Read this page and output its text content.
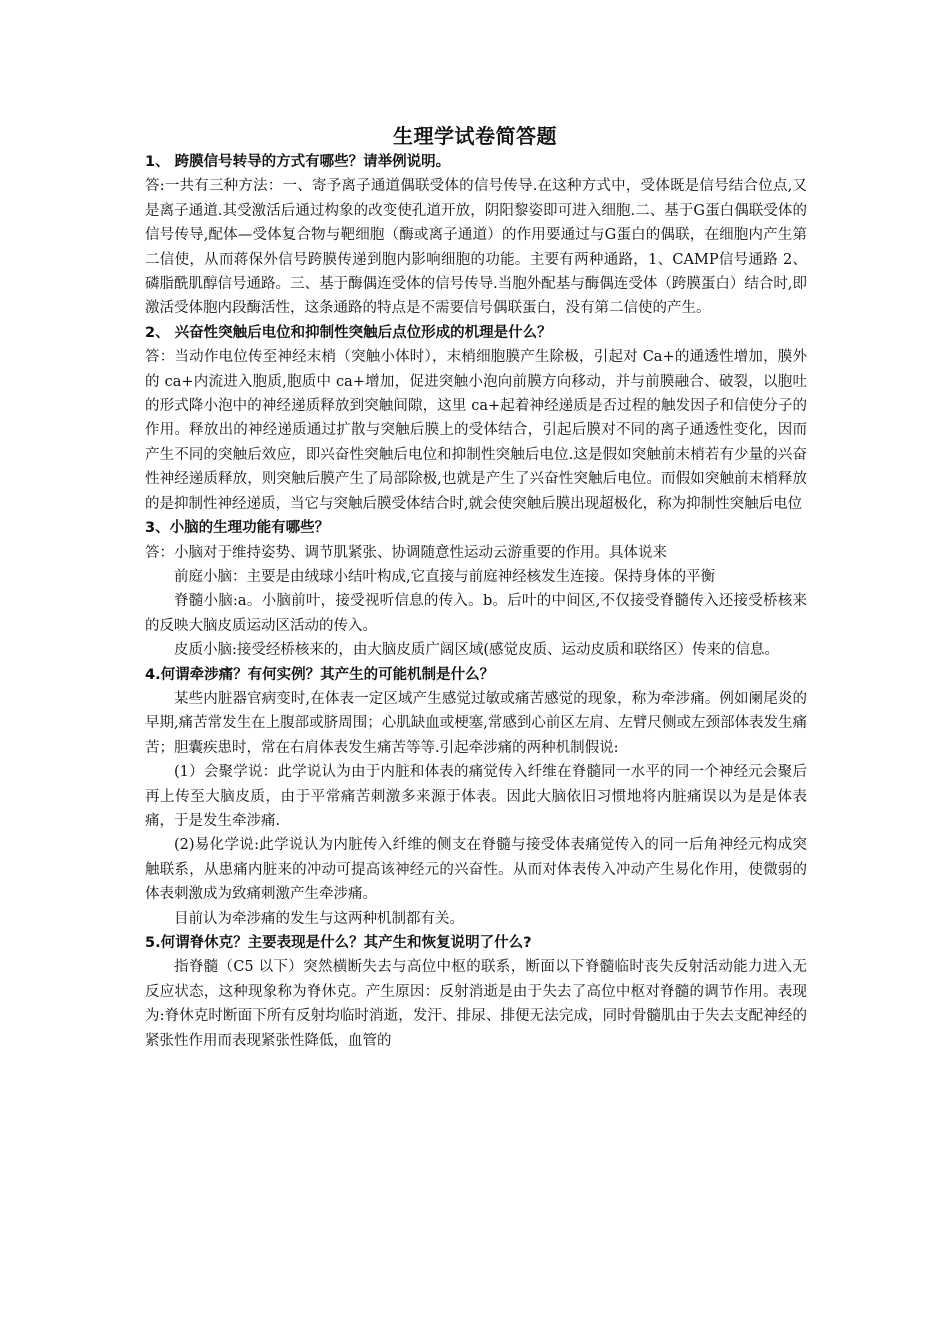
生理学试卷简答题
1、 跨膜信号转导的方式有哪些？请举例说明。
答:一共有三种方法：一、寄予离子通道偶联受体的信号传导.在这种方式中，受体既是信号结合位点,又是离子通道.其受激活后通过构象的改变使孔道开放，阴阳黎姿即可进入细胞.二、基于G蛋白偶联受体的信号传导,配体—受体复合物与靶细胞（酶或离子通道）的作用要通过与G蛋白的偶联，在细胞内产生第二信使，从而蒋保外信号跨膜传递到胞内影响细胞的功能。主要有两种通路，1、CAMP信号通路 2、磷脂酰肌醇信号通路。三、基于酶偶连受体的信号传导.当胞外配基与酶偶连受体（跨膜蛋白）结合时,即激活受体胞内段酶活性，这条通路的特点是不需要信号偶联蛋白，没有第二信使的产生。
2、 兴奋性突触后电位和抑制性突触后点位形成的机理是什么？
答：当动作电位传至神经末梢（突触小体时），末梢细胞膜产生除极，引起对 Ca+的通透性增加，膜外的 ca+内流进入胞质,胞质中 ca+增加，促进突触小泡向前膜方向移动，并与前膜融合、破裂，以胞吐的形式降小泡中的神经递质释放到突触间隙，这里 ca+起着神经递质是否过程的触发因子和信使分子的作用。释放出的神经递质通过扩散与突触后膜上的受体结合，引起后膜对不同的离子通透性变化，因而产生不同的突触后效应，即兴奋性突触后电位和抑制性突触后电位.这是假如突触前末梢若有少量的兴奋性神经递质释放，则突触后膜产生了局部除极,也就是产生了兴奋性突触后电位。而假如突触前末梢释放的是抑制性神经递质，当它与突触后膜受体结合时,就会使突触后膜出现超极化，称为抑制性突触后电位
3、小脑的生理功能有哪些？
答：小脑对于维持姿势、调节肌紧张、协调随意性运动云游重要的作用。具体说来
前庭小脑：主要是由绒球小结叶构成,它直接与前庭神经核发生连接。保持身体的平衡
脊髓小脑:a。小脑前叶，接受视听信息的传入。b。后叶的中间区,不仅接受脊髓传入还接受桥核来的反映大脑皮质运动区活动的传入。
皮质小脑:接受经桥核来的，由大脑皮质广阔区域(感觉皮质、运动皮质和联络区）传来的信息。
4.何谓牵涉痛？有何实例？其产生的可能机制是什么？
某些内脏器官病变时,在体表一定区域产生感觉过敏或痛苦感觉的现象，称为牵涉痛。例如阑尾炎的早期,痛苦常发生在上腹部或脐周围；心肌缺血或梗塞,常感到心前区左肩、左臂尺侧或左颈部体表发生痛苦；胆囊疾患时，常在右肩体表发生痛苦等等.引起牵涉痛的两种机制假说:
(1）会聚学说：此学说认为由于内脏和体表的痛觉传入纤维在脊髓同一水平的同一个神经元会聚后再上传至大脑皮质，由于平常痛苦刺激多来源于体表。因此大脑依旧习惯地将内脏痛误以为是是体表痛，于是发生牵涉痛.
(2)易化学说:此学说认为内脏传入纤维的侧支在脊髓与接受体表痛觉传入的同一后角神经元构成突触联系，从患痛内脏来的冲动可提高该神经元的兴奋性。从而对体表传入冲动产生易化作用，使微弱的体表刺激成为致痛刺激产生牵涉痛。
目前认为牵涉痛的发生与这两种机制都有关。
5.何谓脊休克？主要表现是什么？其产生和恢复说明了什么?
指脊髓（C5 以下）突然横断失去与高位中枢的联系，断面以下脊髓临时丧失反射活动能力进入无反应状态，这种现象称为脊休克。产生原因：反射消逝是由于失去了高位中枢对脊髓的调节作用。表现为:脊休克时断面下所有反射均临时消逝，发汗、排尿、排便无法完成，同时骨髓肌由于失去支配神经的紧张性作用而表现紧张性降低，血管的
